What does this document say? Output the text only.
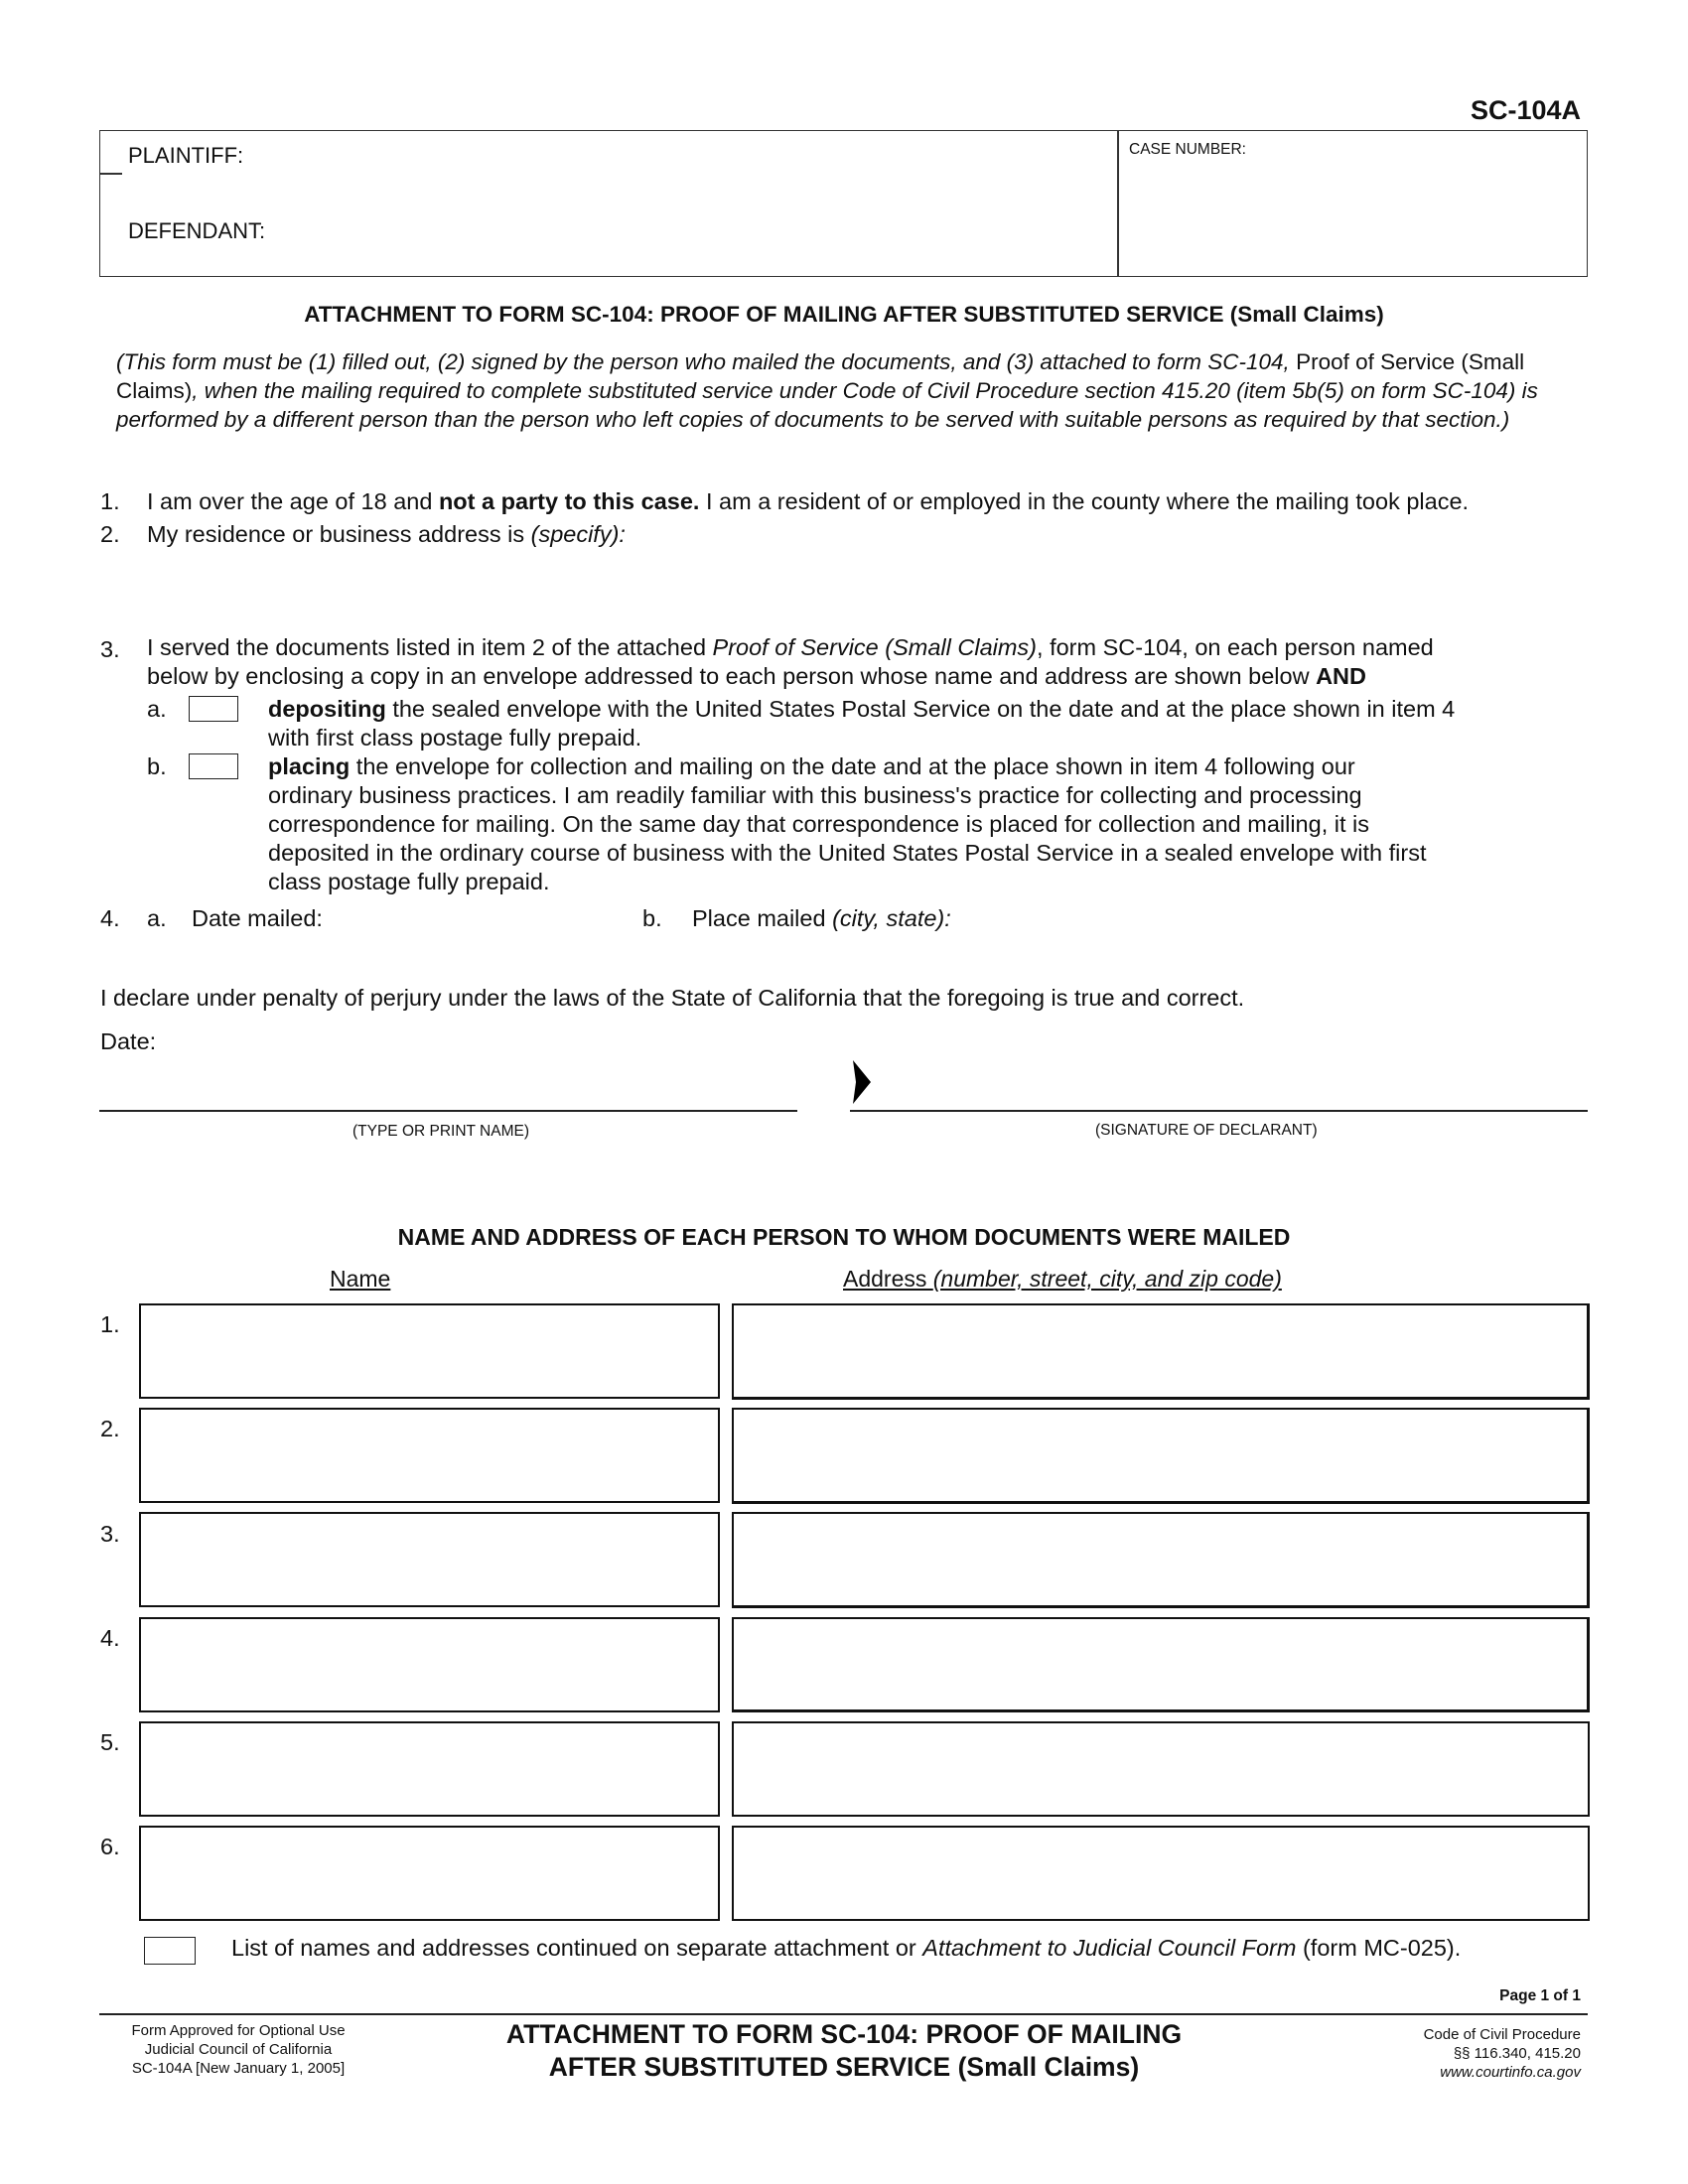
SC-104A
PLAINTIFF:
DEFENDANT:
CASE NUMBER:
ATTACHMENT TO FORM SC-104: PROOF OF MAILING AFTER SUBSTITUTED SERVICE (Small Claims)
(This form must be (1) filled out, (2) signed by the person who mailed the documents, and (3) attached to form SC-104, Proof of Service (Small Claims), when the mailing required to complete substituted service under Code of Civil Procedure section 415.20 (item 5b(5) on form SC-104) is performed by a different person than the person who left copies of documents to be served with suitable persons as required by that section.)
1.	I am over the age of 18 and not a party to this case. I am a resident of or employed in the county where the mailing took place.
2.	My residence or business address is (specify):
3.	I served the documents listed in item 2 of the attached Proof of Service (Small Claims), form SC-104, on each person named
below by enclosing a copy in an envelope addressed to each person whose name and address are shown below AND
a.	depositing the sealed envelope with the United States Postal Service on the date and at the place shown in item 4
with first class postage fully prepaid.
b.	placing the envelope for collection and mailing on the date and at the place shown in item 4 following our
ordinary business practices. I am readily familiar with this business's practice for collecting and processing
correspondence for mailing. On the same day that correspondence is placed for collection and mailing, it is
deposited in the ordinary course of business with the United States Postal Service in a sealed envelope with first
class postage fully prepaid.
4.	a. Date mailed:	b. Place mailed (city, state):
I declare under penalty of perjury under the laws of the State of California that the foregoing is true and correct.
Date:
(TYPE OR PRINT NAME)	(SIGNATURE OF DECLARANT)
NAME AND ADDRESS OF EACH PERSON TO WHOM DOCUMENTS WERE MAILED
Name	Address (number, street, city, and zip code)
1.
2.
3.
4.
5.
6.
List of names and addresses continued on separate attachment or Attachment to Judicial Council Form (form MC-025).
Page 1 of 1
Form Approved for Optional Use
Judicial Council of California
SC-104A [New January 1, 2005]
ATTACHMENT TO FORM SC-104: PROOF OF MAILING
AFTER SUBSTITUTED SERVICE (Small Claims)
Code of Civil Procedure
§§ 116.340, 415.20
www.courtinfo.ca.gov
